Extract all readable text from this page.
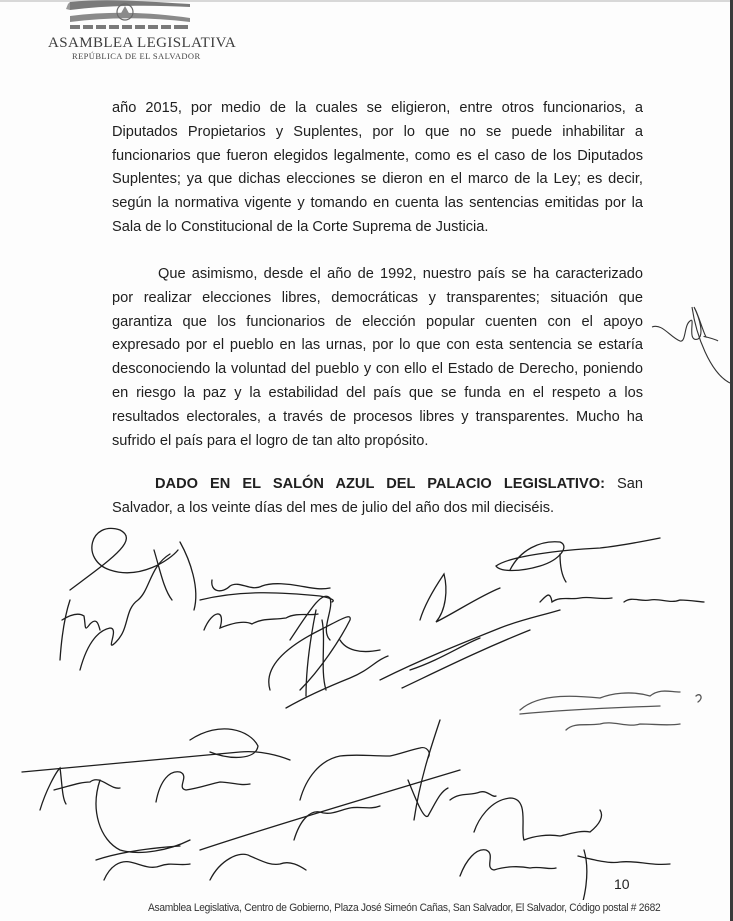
ASAMBLEA LEGISLATIVA
REPÚBLICA DE EL SALVADOR
año 2015, por medio de la cuales se eligieron, entre otros funcionarios, a Diputados Propietarios y Suplentes, por lo que no se puede inhabilitar a funcionarios que fueron elegidos legalmente, como es el caso de los Diputados Suplentes; ya que dichas elecciones se dieron en el marco de la Ley; es decir, según la normativa vigente y tomando en cuenta las sentencias emitidas por la Sala de lo Constitucional de la Corte Suprema de Justicia.
Que asimismo, desde el año de 1992, nuestro país se ha caracterizado por realizar elecciones libres, democráticas y transparentes; situación que garantiza que los funcionarios de elección popular cuenten con el apoyo expresado por el pueblo en las urnas, por lo que con esta sentencia se estaría desconociendo la voluntad del pueblo y con ello el Estado de Derecho, poniendo en riesgo la paz y la estabilidad del país que se funda en el respeto a los resultados electorales, a través de procesos libres y transparentes. Mucho ha sufrido el país para el logro de tan alto propósito.
DADO EN EL SALÓN AZUL DEL PALACIO LEGISLATIVO: San Salvador, a los veinte días del mes de julio del año dos mil dieciséis.
10
Asamblea Legislativa, Centro de Gobierno, Plaza José Simeón Cañas, San Salvador, El Salvador, Código postal # 2682
